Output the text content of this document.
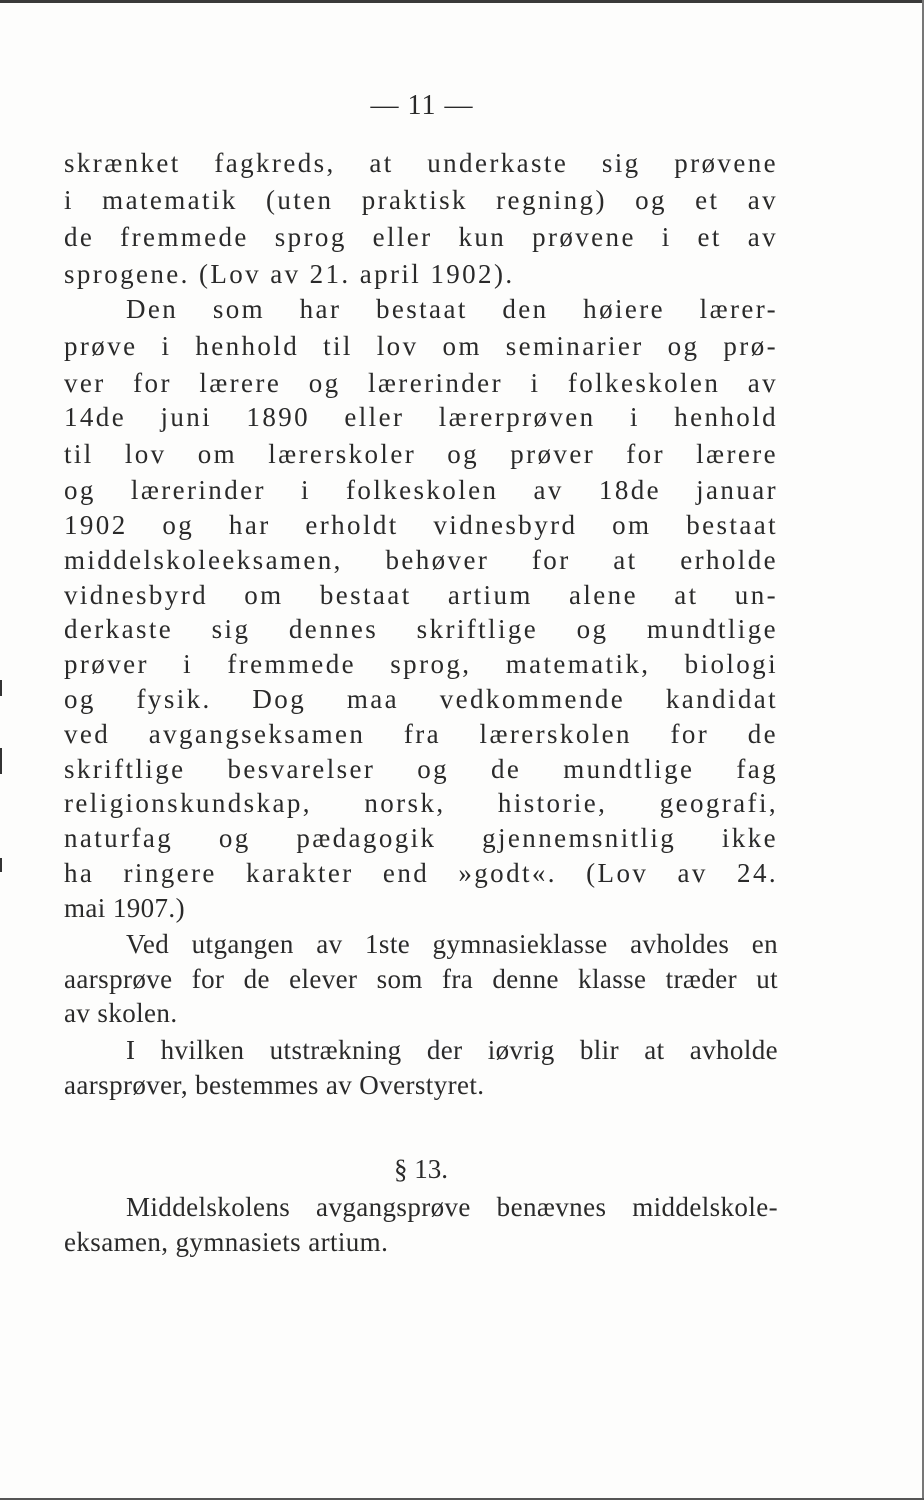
— 11 —
skrænket fagkreds, at underkaste sig prøvene
i matematik (uten praktisk regning) og et av
de fremmede sprog eller kun prøvene i et av
sprogene. (Lov av 21. april 1902).
Den som har bestaat den høiere lærer-
prøve i henhold til lov om seminarier og prø-
ver for lærere og lærerinder i folkeskolen av
14de juni 1890 eller lærerprøven i henhold
til lov om lærerskoler og prøver for lærere
og lærerinder i folkeskolen av 18de januar
1902 og har erholdt vidnesbyrd om bestaat
middelskoleeksamen, behøver for at erholde
vidnesbyrd om bestaat artium alene at un-
derkaste sig dennes skriftlige og mundtlige
prøver i fremmede sprog, matematik, biologi
og fysik. Dog maa vedkommende kandidat
ved avgangseksamen fra lærerskolen for de
skriftlige besvarelser og de mundtlige fag
religionskundskap, norsk, historie, geografi,
naturfag og pædagogik gjennemsnitlig ikke
ha ringere karakter end »godt«. (Lov av 24.
mai 1907.)
Ved utgangen av 1ste gymnasieklasse avholdes en
aarsprøve for de elever som fra denne klasse træder ut
av skolen.
I hvilken utstrækning der iøvrig blir at avholde
aarsprøver, bestemmes av Overstyret.
§ 13.
Middelskolens avgangsprøve benævnes middelskole-
eksamen, gymnasiets artium.
